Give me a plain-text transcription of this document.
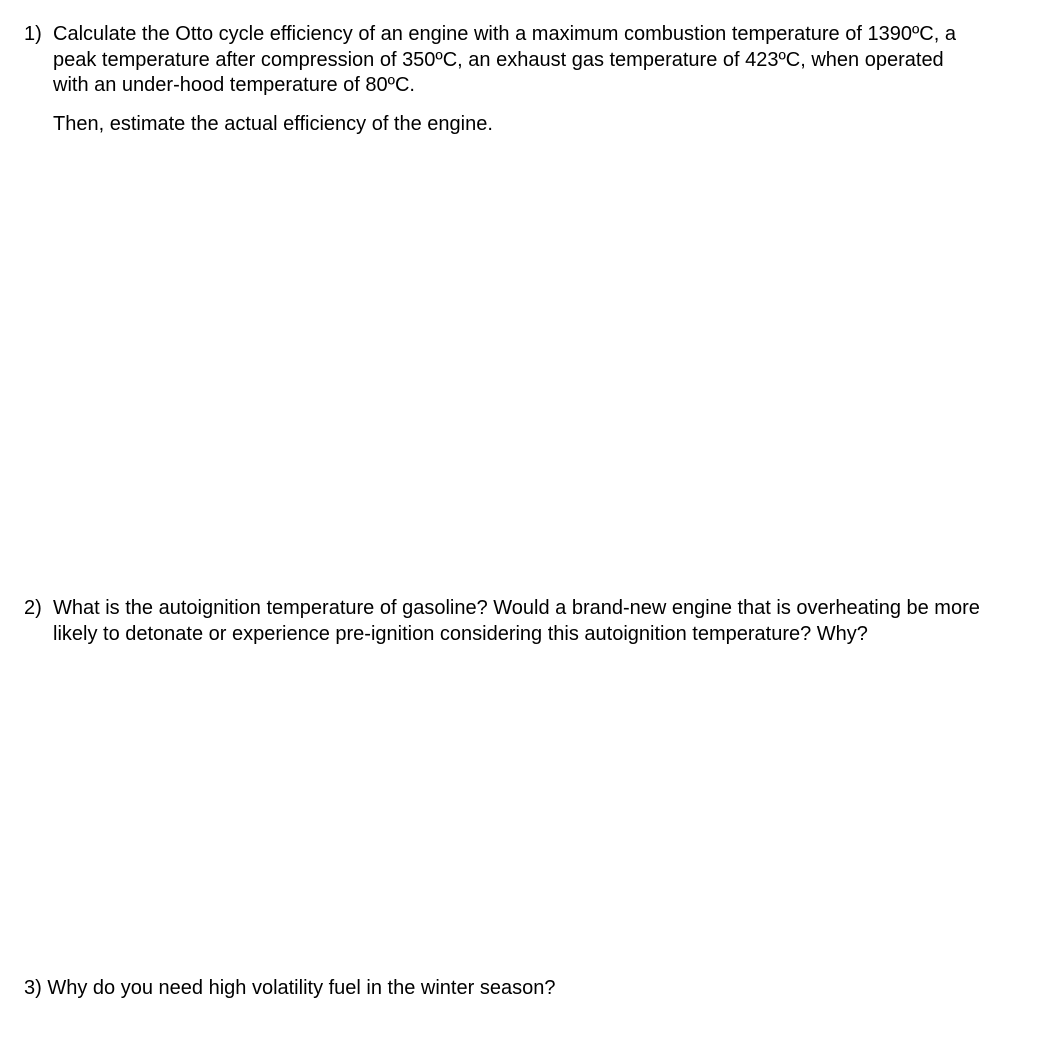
1) Calculate the Otto cycle efficiency of an engine with a maximum combustion temperature of 1390ºC, a peak temperature after compression of 350ºC, an exhaust gas temperature of 423ºC, when operated with an under-hood temperature of 80ºC.
Then, estimate the actual efficiency of the engine.
2) What is the autoignition temperature of gasoline? Would a brand-new engine that is overheating be more likely to detonate or experience pre-ignition considering this autoignition temperature? Why?
3) Why do you need high volatility fuel in the winter season?
